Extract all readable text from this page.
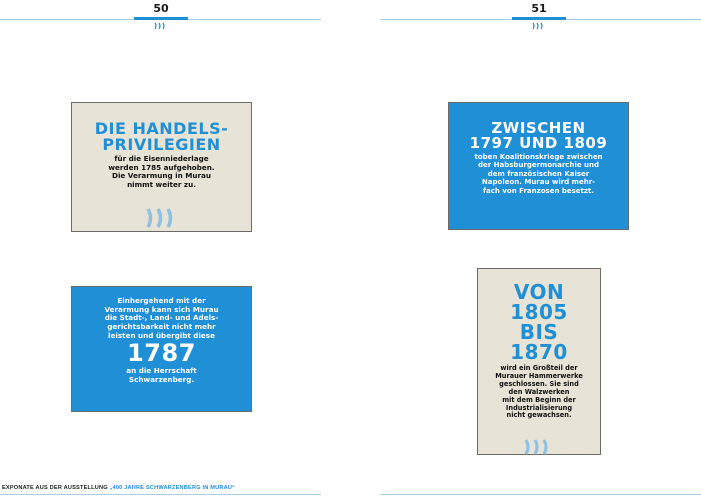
50	51
DIE HANDELS-
PRIVILEGIEN
für die Eisenniederlage
werden 1785 aufgehoben.
Die Verarmung in Murau
nimmt weiter zu.
Einhergehend mit der
Verarmung kann sich Murau
die Stadt-, Land- und Adels-
gerichtsbarkeit nicht mehr
leisten und übergibt diese
1787
an die Herrschaft
Schwarzenberg.
ZWISCHEN
1797 UND 1809
toben Koalitionskriege zwischen
der Habsburgermonarchie und
dem französischen Kaiser
Napoleon. Murau wird mehr-
fach von Franzosen besetzt.
VON
1805
BIS
1870
wird ein Großteil der
Murauer Hammerwerke
geschlossen. Sie sind
den Walzwerken
mit dem Beginn der
Industrialisierung
nicht gewachsen.
EXPONATE AUS DER AUSSTELLUNG „400 JAHRE SCHWARZENBERG IN MURAU“
